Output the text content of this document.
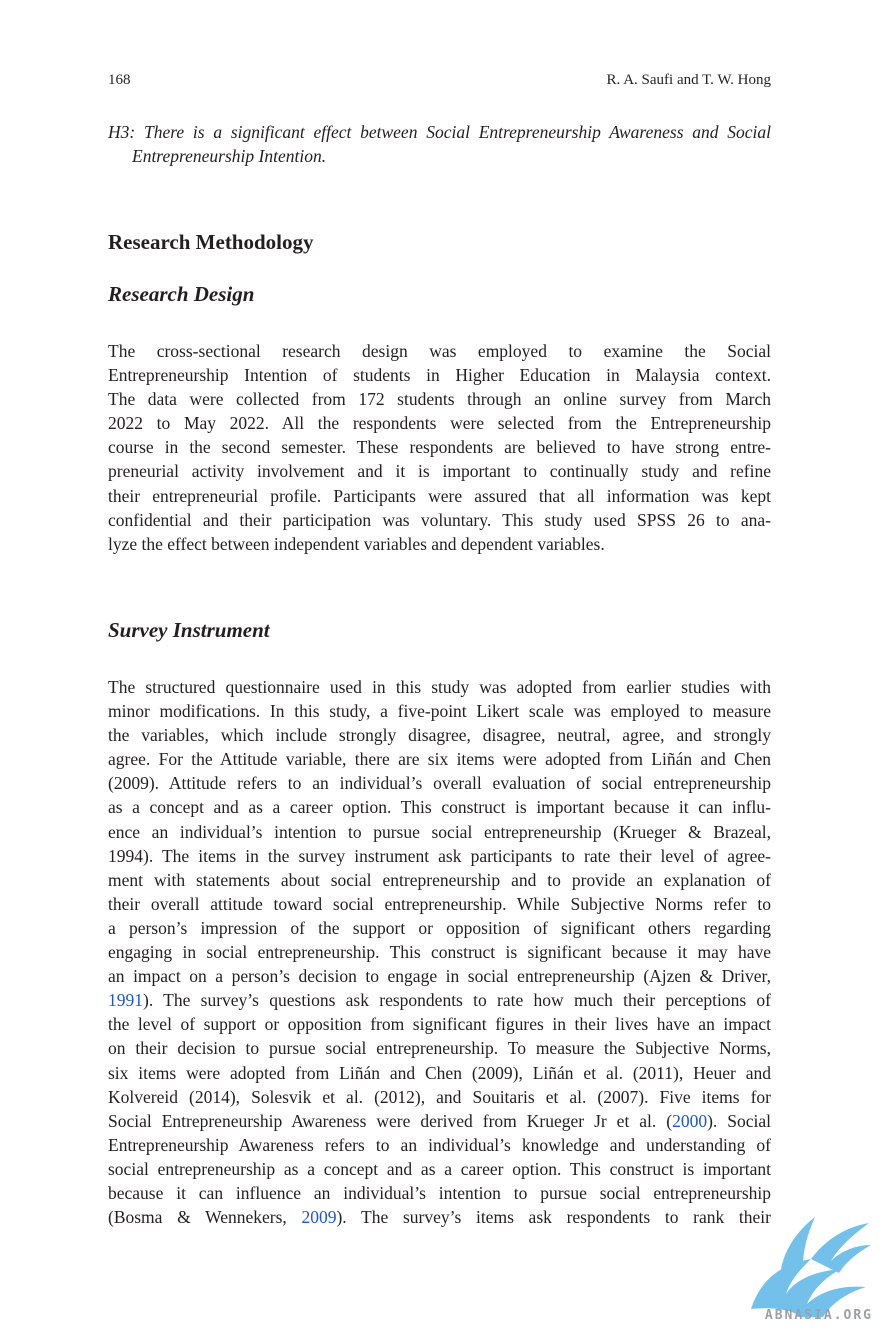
168	R. A. Saufi and T. W. Hong

H3: There is a significant effect between Social Entrepreneurship Awareness and Social Entrepreneurship Intention.

Research Methodology
Research Design
The cross-sectional research design was employed to examine the Social
Entrepreneurship Intention of students in Higher Education in Malaysia context.
The data were collected from 172 students through an online survey from March
2022 to May 2022. All the respondents were selected from the Entrepreneurship
course in the second semester. These respondents are believed to have strong entre-
preneurial activity involvement and it is important to continually study and refine
their entrepreneurial profile. Participants were assured that all information was kept
confidential and their participation was voluntary. This study used SPSS 26 to ana-
lyze the effect between independent variables and dependent variables.
Survey Instrument
The structured questionnaire used in this study was adopted from earlier studies with
minor modifications. In this study, a five-point Likert scale was employed to measure
the variables, which include strongly disagree, disagree, neutral, agree, and strongly
agree. For the Attitude variable, there are six items were adopted from Liñán and Chen
(2009). Attitude refers to an individual’s overall evaluation of social entrepreneurship
as a concept and as a career option. This construct is important because it can influ-
ence an individual’s intention to pursue social entrepreneurship (Krueger & Brazeal,
1994). The items in the survey instrument ask participants to rate their level of agree-
ment with statements about social entrepreneurship and to provide an explanation of
their overall attitude toward social entrepreneurship. While Subjective Norms refer to
a person’s impression of the support or opposition of significant others regarding
engaging in social entrepreneurship. This construct is significant because it may have
an impact on a person’s decision to engage in social entrepreneurship (Ajzen & Driver,
1991). The survey’s questions ask respondents to rate how much their perceptions of
the level of support or opposition from significant figures in their lives have an impact
on their decision to pursue social entrepreneurship. To measure the Subjective Norms,
six items were adopted from Liñán and Chen (2009), Liñán et al. (2011), Heuer and
Kolvereid (2014), Solesvik et al. (2012), and Souitaris et al. (2007). Five items for
Social Entrepreneurship Awareness were derived from Krueger Jr et al. (2000). Social
Entrepreneurship Awareness refers to an individual’s knowledge and understanding of
social entrepreneurship as a concept and as a career option. This construct is important
because it can influence an individual’s intention to pursue social entrepreneurship
(Bosma & Wennekers, 2009). The survey’s items ask respondents to rank their
ABNASIA.ORG
